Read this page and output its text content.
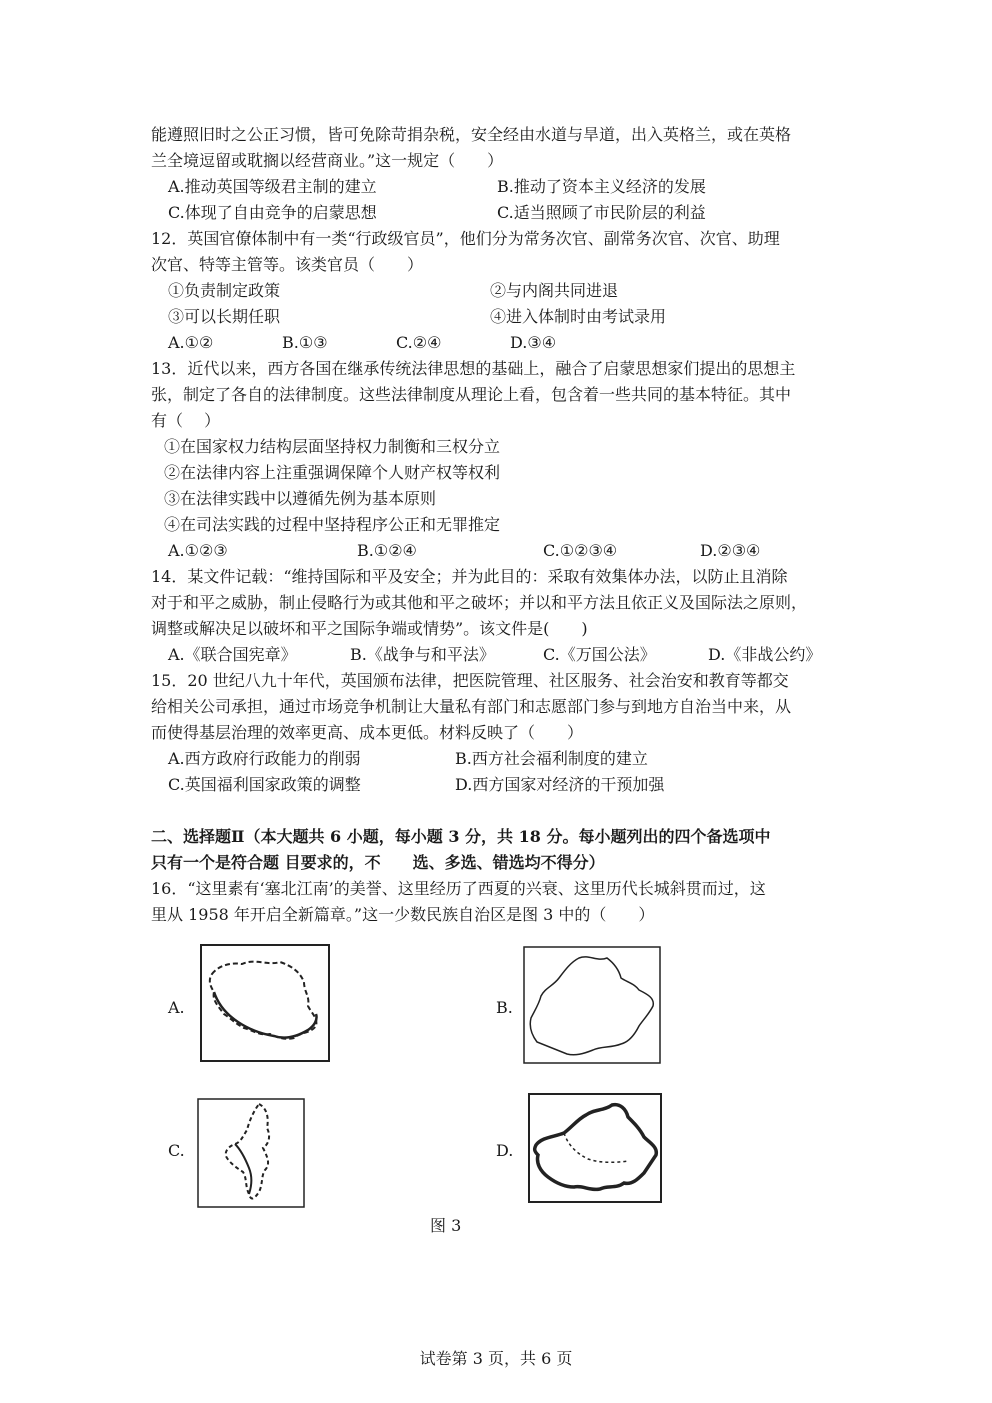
能遵照旧时之公正习惯，皆可免除苛捐杂税，安全经由水道与旱道，出入英格兰，或在英格
兰全境逗留或耽搁以经营商业。”这一规定（　　）
A.推动英国等级君主制的建立	B.推动了资本主义经济的发展
C.体现了自由竞争的启蒙思想	C.适当照顾了市民阶层的利益
12．英国官僚体制中有一类“行政级官员”，他们分为常务次官、副常务次官、次官、助理
次官、特等主管等。该类官员（　　）
①负责制定政策	②与内阁共同进退
③可以长期任职	④进入体制时由考试录用
A.①②	B.①③	C.②④	D.③④
13．近代以来，西方各国在继承传统法律思想的基础上，融合了启蒙思想家们提出的思想主
张，制定了各自的法律制度。这些法律制度从理论上看，包含着一些共同的基本特征。其中
有（　 ）
①在国家权力结构层面坚持权力制衡和三权分立
②在法律内容上注重强调保障个人财产权等权利
③在法律实践中以遵循先例为基本原则
④在司法实践的过程中坚持程序公正和无罪推定
A.①②③	B.①②④	C.①②③④	D.②③④
14．某文件记载：“维持国际和平及安全；并为此目的：采取有效集体办法，以防止且消除
对于和平之威胁，制止侵略行为或其他和平之破坏；并以和平方法且依正义及国际法之原则，
调整或解决足以破坏和平之国际争端或情势”。该文件是(　　)
A.《联合国宪章》	B.《战争与和平法》	C.《万国公法》	D.《非战公约》
15．20 世纪八九十年代，英国颁布法律，把医院管理、社区服务、社会治安和教育等都交
给相关公司承担，通过市场竞争机制让大量私有部门和志愿部门参与到地方自治当中来，从
而使得基层治理的效率更高、成本更低。材料反映了（　　）
A.西方政府行政能力的削弱	B.西方社会福利制度的建立
C.英国福利国家政策的调整	D.西方国家对经济的干预加强
二、选择题Ⅱ（本大题共 6 小题，每小题 3 分，共 18 分。每小题列出的四个备选项中
只有一个是符合题 目要求的，不　　选、多选、错选均不得分）
16．“这里素有‘塞北江南’的美誉、这里经历了西夏的兴衰、这里历代长城斜贯而过，这
里从 1958 年开启全新篇章。”这一少数民族自治区是图 3 中的（　　）
A.	B.
C.	D.
图 3
试卷第 3 页，共 6 页
